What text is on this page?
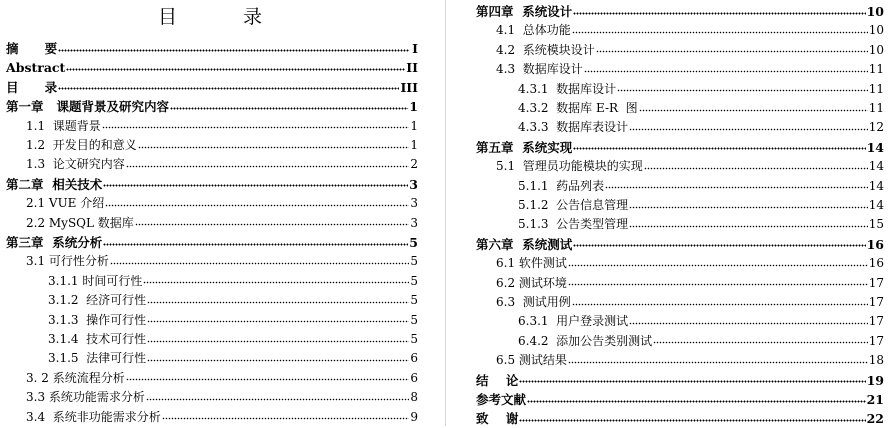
目 录
摘      要	I
Abstract	II
目      录	III
第一章   课题背景及研究内容	1
1.1  课题背景	1
1.2  开发目的和意义	1
1.3  论文研究内容	2
第二章  相关技术	3
2.1 VUE 介绍	3
2.2 MySQL 数据库	3
第三章  系统分析	5
3.1 可行性分析	5
3.1.1 时间可行性	5
3.1.2  经济可行性	5
3.1.3  操作可行性	5
3.1.4  技术可行性	5
3.1.5  法律可行性	6
3. 2 系统流程分析	6
3.3 系统功能需求分析	8
3.4  系统非功能需求分析	9
第四章  系统设计	10
4.1  总体功能	10
4.2  系统模块设计	10
4.3  数据库设计	11
4.3.1  数据库设计	11
4.3.2  数据库 E-R  图	11
4.3.3  数据库表设计	12
第五章  系统实现	14
5.1  管理员功能模块的实现	14
5.1.1  药品列表	14
5.1.2  公告信息管理	14
5.1.3  公告类型管理	15
第六章  系统测试	16
6.1 软件测试	16
6.2 测试环境	17
6.3  测试用例	17
6.3.1  用户登录测试	17
6.4.2  添加公告类别测试	17
6.5 测试结果	18
结    论	19
参考文献	21
致    谢	22
